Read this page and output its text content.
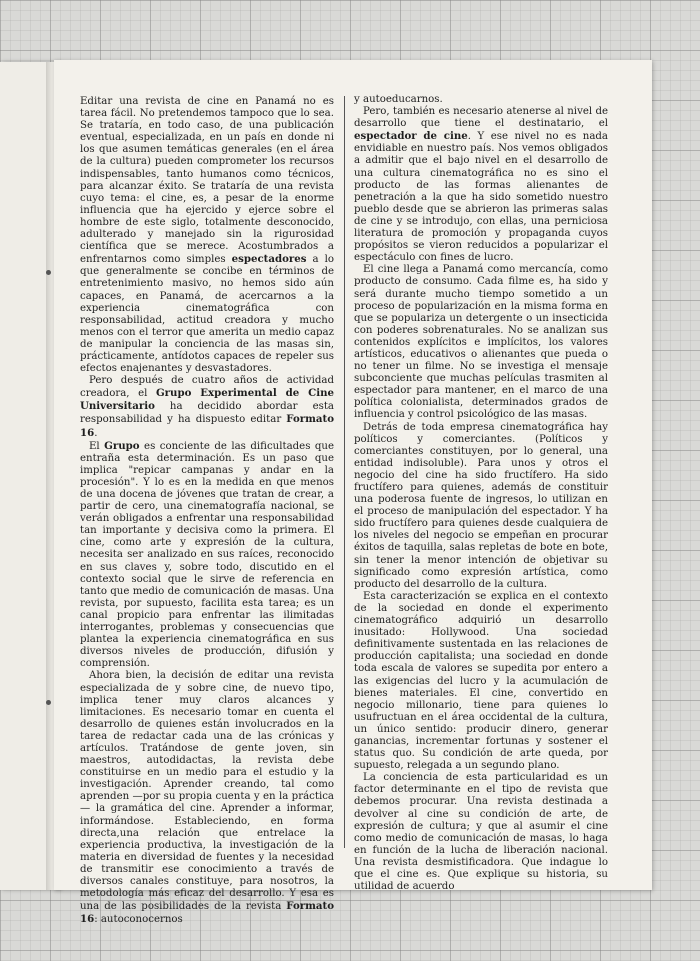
Editar una revista de cine en Panamá no es tarea fácil. No pretendemos tampoco que lo sea. Se trataría, en todo caso, de una publicación eventual, especializada, en un país en donde ni los que asumen temáticas generales (en el área de la cultura) pueden comprometer los recursos indispensables, tanto humanos como técnicos, para alcanzar éxito. Se trataría de una revista cuyo tema: el cine, es, a pesar de la enorme influencia que ha ejercido y ejerce sobre el hombre de este siglo, totalmente desconocido, adulterado y manejado sin la rigurosidad científica que se merece. Acostumbrados a enfrentarnos como simples espectadores a lo que generalmente se concibe en términos de entretenimiento masivo, no hemos sido aún capaces, en Panamá, de acercarnos a la experiencia cinematográfica con responsabilidad, actitud creadora y mucho menos con el terror que amerita un medio capaz de manipular la conciencia de las masas sin, prácticamente, antídotos capaces de repeler sus efectos enajenantes y desvastadores.

Pero después de cuatro años de actividad creadora, el Grupo Experimental de Cine Universitario ha decidido abordar esta responsabilidad y ha dispuesto editar Formato 16.

El Grupo es conciente de las dificultades que entraña esta determinación. Es un paso que implica "repicar campanas y andar en la procesión". Y lo es en la medida en que menos de una docena de jóvenes que tratan de crear, a partir de cero, una cinematografía nacional, se verán obligados a enfrentar una responsabilidad tan importante y decisiva como la primera. El cine, como arte y expresión de la cultura, necesita ser analizado en sus raíces, reconocido en sus claves y, sobre todo, discutido en el contexto social que le sirve de referencia en tanto que medio de comunicación de masas. Una revista, por supuesto, facilita esta tarea; es un canal propicio para enfrentar las ilimitadas interrogantes, problemas y consecuencias que plantea la experiencia cinematográfica en sus diversos niveles de producción, difusión y comprensión.

Ahora bien, la decisión de editar una revista especializada de y sobre cine, de nuevo tipo, implica tener muy claros alcances y limitaciones. Es necesario tomar en cuenta el desarrollo de quienes están involucrados en la tarea de redactar cada una de las crónicas y artículos. Tratándose de gente joven, sin maestros, autodidactas, la revista debe constituirse en un medio para el estudio y la investigación. Aprender creando, tal como aprenden —por su propia cuenta y en la práctica— la gramática del cine. Aprender a informar, informándose. Estableciendo, en forma directa,una relación que entrelace la experiencia productiva, la investigación de la materia en diversidad de fuentes y la necesidad de transmitir ese conocimiento a través de diversos canales constituye, para nosotros, la metodología más eficaz del desarrollo. Y esa es una de las posibilidades de la revista Formato 16: autoconocernos

y autoeducarnos.

Pero, también es necesario atenerse al nivel de desarrollo que tiene el destinatario, el espectador de cine. Y ese nivel no es nada envidiable en nuestro país. Nos vemos obligados a admitir que el bajo nivel en el desarrollo de una cultura cinematográfica no es sino el producto de las formas alienantes de penetración a la que ha sido sometido nuestro pueblo desde que se abrieron las primeras salas de cine y se introdujo, con ellas, una perniciosa literatura de promoción y propaganda cuyos propósitos se vieron reducidos a popularizar el espectáculo con fines de lucro.

El cine llega a Panamá como mercancía, como producto de consumo. Cada filme es, ha sido y será durante mucho tiempo sometido a un proceso de popularización en la misma forma en que se populariza un detergente o un insecticida con poderes sobrenaturales. No se analizan sus contenidos explícitos e implícitos, los valores artísticos, educativos o alienantes que pueda o no tener un filme. No se investiga el mensaje subconciente que muchas películas trasmiten al espectador para mantener, en el marco de una política colonialista, determinados grados de influencia y control psicológico de las masas.

Detrás de toda empresa cinematográfica hay políticos y comerciantes. (Políticos y comerciantes constituyen, por lo general, una entidad indisoluble). Para unos y otros el negocio del cine ha sido fructífero. Ha sido fructífero para quienes, además de constituir una poderosa fuente de ingresos, lo utilizan en el proceso de manipulación del espectador. Y ha sido fructífero para quienes desde cualquiera de los niveles del negocio se empeñan en procurar éxitos de taquilla, salas repletas de bote en bote, sin tener la menor intención de objetivar su significado como expresión artística, como producto del desarrollo de la cultura.

Esta caracterización se explica en el contexto de la sociedad en donde el experimento cinematográfico adquirió un desarrollo inusitado: Hollywood. Una sociedad definitivamente sustentada en las relaciones de producción capitalista; una sociedad en donde toda escala de valores se supedita por entero a las exigencias del lucro y la acumulación de bienes materiales. El cine, convertido en negocio millonario, tiene para quienes lo usufructuan en el área occidental de la cultura, un único sentido: producir dinero, generar ganancias, incrementar fortunas y sostener el status quo. Su condición de arte queda, por supuesto, relegada a un segundo plano.

La conciencia de esta particularidad es un factor determinante en el tipo de revista que debemos procurar. Una revista destinada a devolver al cine su condición de arte, de expresión de cultura; y que al asumir el cine como medio de comunicación de masas, lo haga en función de la lucha de liberación nacional. Una revista desmistificadora. Que indague lo que el cine es. Que explique su historia, su utilidad de acuerdo
